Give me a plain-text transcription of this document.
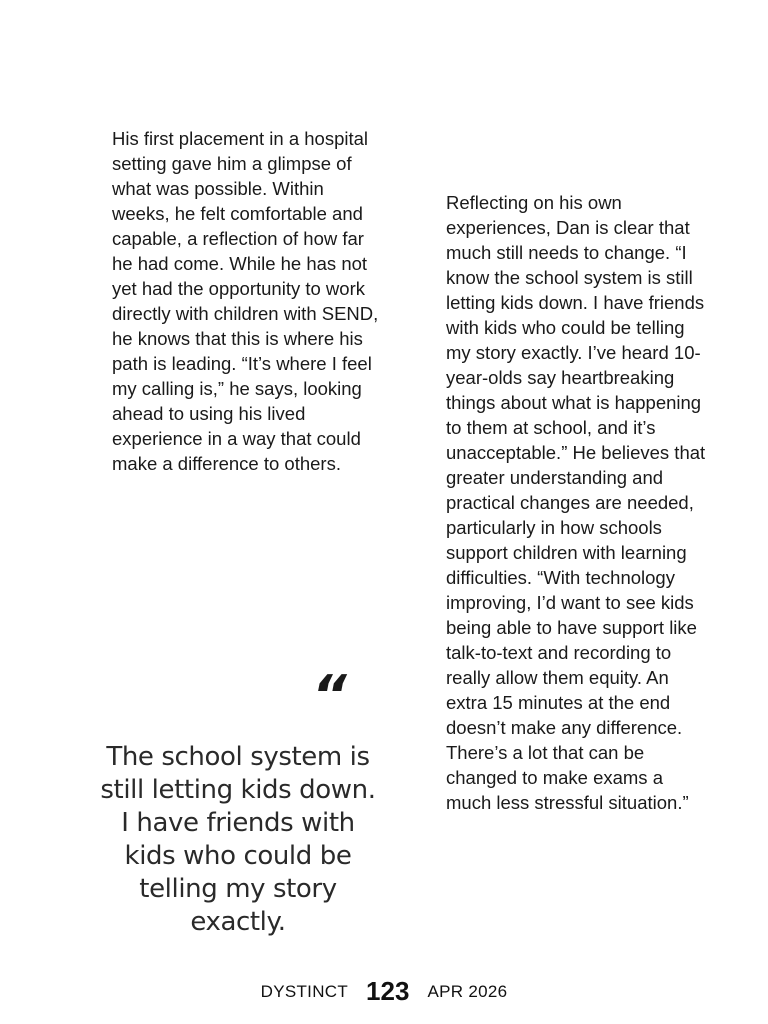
His first placement in a hospital setting gave him a glimpse of what was possible. Within weeks, he felt comfortable and capable, a reflection of how far he had come. While he has not yet had the opportunity to work directly with children with SEND, he knows that this is where his path is leading. “It’s where I feel my calling is,” he says, looking ahead to using his lived experience in a way that could make a difference to others.
Reflecting on his own experiences, Dan is clear that much still needs to change. “I know the school system is still letting kids down. I have friends with kids who could be telling my story exactly. I’ve heard 10-year-olds say heartbreaking things about what is happening to them at school, and it’s unacceptable.” He believes that greater understanding and practical changes are needed, particularly in how schools support children with learning difficulties. “With technology improving, I’d want to see kids being able to have support like talk-to-text and recording to really allow them equity. An extra 15 minutes at the end doesn’t make any difference. There’s a lot that can be changed to make exams a much less stressful situation.”
“
The school system is still letting kids down. I have friends with kids who could be telling my story exactly.
DYSTINCT 123 APR 2026
